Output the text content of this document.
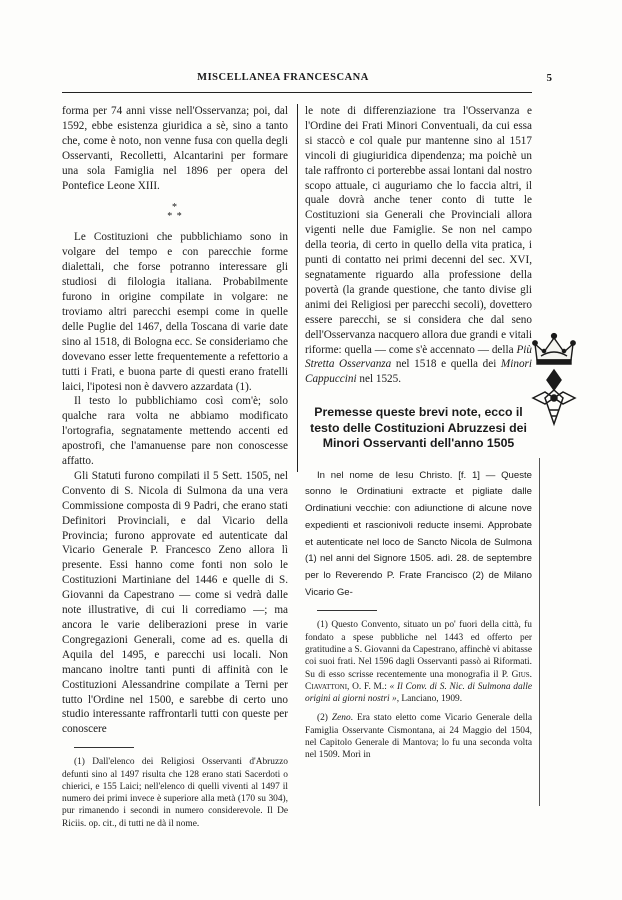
MISCELLANEA FRANCESCANA	5

forma per 74 anni visse nell'Osservanza; poi, dal 1592, ebbe esistenza giuridica a sè, sino a tanto che, come è noto, non venne fusa con quella degli Osservanti, Recolletti, Alcantarini per formare una sola Famiglia nel 1896 per opera del Pontefice Leone XIII.

*
* *

Le Costituzioni che pubblichiamo sono in volgare del tempo e con parecchie forme dialettali, che forse potranno interessare gli studiosi di filologia italiana. Probabilmente furono in origine compilate in volgare: ne troviamo altri parecchi esempi come in quelle delle Puglie del 1467, della Toscana di varie date sino al 1518, di Bologna ecc. Se consideriamo che dovevano esser lette frequentemente a refettorio a tutti i Frati, e buona parte di questi erano fratelli laici, l'ipotesi non è davvero azzardata (1).

Il testo lo pubblichiamo così com'è; solo qualche rara volta ne abbiamo modificato l'ortografia, segnatamente mettendo accenti ed apostrofi, che l'amanuense pare non conoscesse affatto.

Gli Statuti furono compilati il 5 Sett. 1505, nel Convento di S. Nicola di Sulmona da una vera Commissione composta di 9 Padri, che erano stati Definitori Provinciali, e dal Vicario della Provincia; furono approvate ed autenticate dal Vicario Generale P. Francesco Zeno allora lì presente. Essi hanno come fonti non solo le Costituzioni Martiniane del 1446 e quelle di S. Giovanni da Capestrano — come si vedrà dalle note illustrative, di cui li corrediamo —; ma ancora le varie deliberazioni prese in varie Congregazioni Generali, come ad es. quella di Aquila del 1495, e parecchi usi locali. Non mancano inoltre tanti punti di affinità con le Costituzioni Alessandrine compilate a Terni per tutto l'Ordine nel 1500, e sarebbe di certo uno studio interessante raffrontarli tutti con queste per conoscere

(1) Dall'elenco dei Religiosi Osservanti d'Abruzzo defunti sino al 1497 risulta che 128 erano stati Sacerdoti o chierici, e 155 Laici; nell'elenco di quelli viventi al 1497 il numero dei primi invece è superiore alla metà (170 su 304), pur rimanendo i secondi in numero considerevole. Il De Riciis. op. cit., di tutti ne dà il nome.

le note di differenziazione tra l'Osservanza e l'Ordine dei Frati Minori Conventuali, da cui essa si staccò e col quale pur mantenne sino al 1517 vincoli di giugiuridica dipendenza; ma poichè un tale raffronto ci porterebbe assai lontani dal nostro scopo attuale, ci auguriamo che lo faccia altri, il quale dovrà anche tener conto di tutte le Costituzioni sia Generali che Provinciali allora vigenti nelle due Famiglie. Se non nel campo della teoria, di certo in quello della vita pratica, i punti di contatto nei primi decenni del sec. XVI, segnatamente riguardo alla professione della povertà (la grande questione, che tanto divise gli animi dei Religiosi per parecchi secoli), dovettero essere parecchi, se si considera che dal seno dell'Osservanza nacquero allora due grandi e vitali riforme: quella — come s'è accennato — della Più Stretta Osservanza nel 1518 e quella dei Minori Cappuccini nel 1525.

Premesse queste brevi note, ecco il testo delle Costituzioni Abruzzesi dei Minori Osservanti dell'anno 1505

In nel nome de Iesu Christo. [f. 1] — Queste sonno le Ordinatiuni extracte et pigliate dalle Ordinatiuni vecchie: con adiunctione di alcune nove expedienti et rascionivoli reducte insemi. Approbate et autenticate nel loco de Sancto Nicola de Sulmona (1) nel anni del Signore 1505. adì. 28. de septembre per lo Reverendo P. Frate Francisco (2) de Milano Vicario Ge-

(1) Questo Convento, situato un po' fuori della città, fu fondato a spese pubbliche nel 1443 ed offerto per gratitudine a S. Giovanni da Capestrano, affinchè vi abitasse coi suoi frati. Nel 1596 dagli Osservanti passò ai Riformati. Su di esso scrisse recentemente una monografia il P. Gius. Ciavattoni, O. F. M.: « Il Conv. di S. Nic. di Sulmona dalle origini ai giorni nostri », Lanciano, 1909.

(2) Zeno. Era stato eletto come Vicario Generale della Famiglia Osservante Cismontana, ai 24 Maggio del 1504, nel Capitolo Generale di Mantova; lo fu una seconda volta nel 1509. Morì in
